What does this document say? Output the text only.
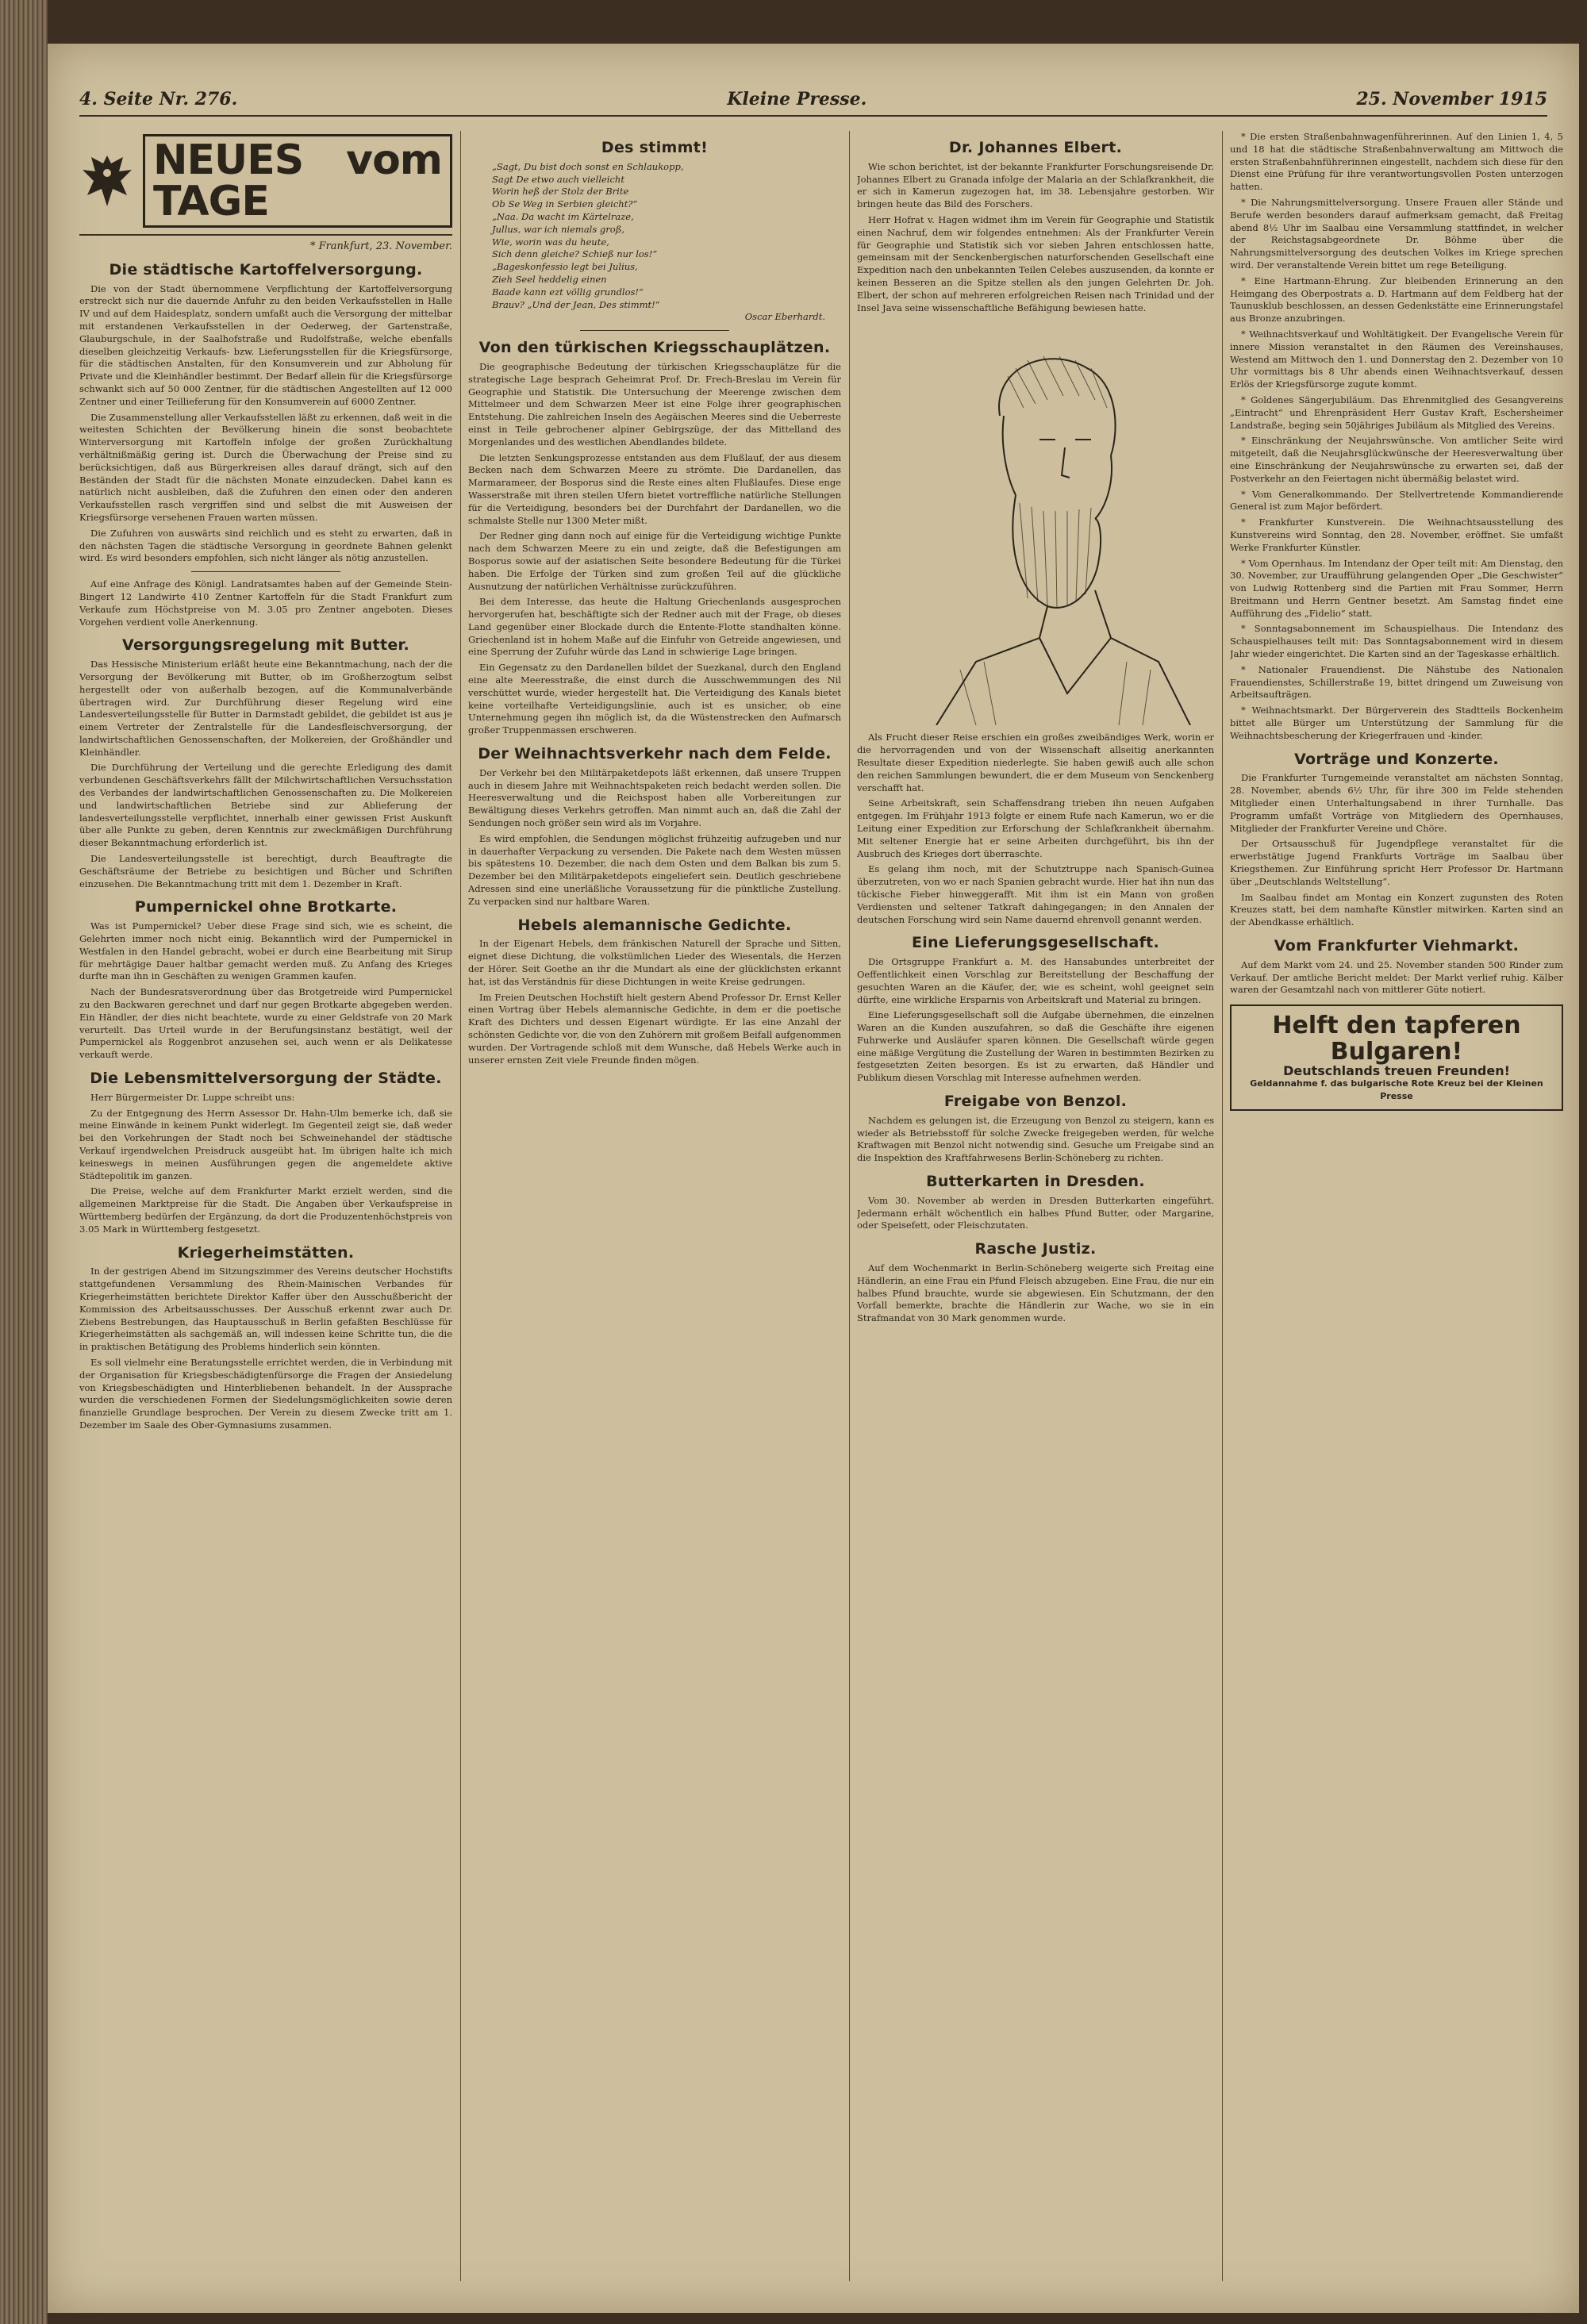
4. Seite Nr. 276.	Kleine Presse.	25. November 1915
NEUES vom TAGE
* Frankfurt, 23. November.
Die städtische Kartoffelversorgung.

Die von der Stadt übernommene Verpflichtung der Kartoffelversorgung erstreckt sich nur die dauernde Anfuhr zu den beiden Verkaufsstellen in Halle IV und auf dem Haidesplatz, sondern umfaßt auch die Versorgung der mittelbar mit erstandenen Verkaufsstellen in der Oederweg, der Gartenstraße, Glauburgschule, in der Saalhofstraße und Rudolfstraße, welche ebenfalls dieselben gleichzeitig Verkaufs- bzw. Lieferungsstellen für die Kriegsfürsorge, für die städtischen Anstalten, für den Konsumverein und zur Abholung für Private und die Kleinhändler bestimmt. Der Bedarf allein für die Kriegsfürsorge schwankt sich auf 50 000 Zentner, für die städtischen Angestellten auf 12 000 Zentner und einer Teillieferung für den Konsumverein auf 6000 Zentner.

Die Zusammenstellung aller Verkaufsstellen läßt zu erkennen, daß weit in die weitesten Schichten der Bevölkerung hinein die sonst beobachtete Winterversorgung mit Kartoffeln infolge der großen Zurückhaltung verhältnißmäßig gering ist. Durch die Überwachung der Preise sind zu berücksichtigen, daß aus Bürgerkreisen alles darauf drängt, sich auf den Beständen der Stadt für die nächsten Monate einzudecken. Dabei kann es natürlich nicht ausbleiben, daß die Zufuhren den einen oder den anderen Verkaufsstellen rasch vergriffen sind und selbst die mit Ausweisen der Kriegsfürsorge versehenen Frauen warten müssen.

Die Zufuhren von auswärts sind reichlich und es steht zu erwarten, daß in den nächsten Tagen die städtische Versorgung in geordnete Bahnen gelenkt wird. Es wird besonders empfohlen, sich nicht länger als nötig anzustellen.

Auf eine Anfrage des Königl. Landratsamtes haben auf der Gemeinde Stein-Bingert 12 Landwirte 410 Zentner Kartoffeln für die Stadt Frankfurt zum Verkaufe zum Höchstpreise von M. 3.05 pro Zentner angeboten. Dieses Vorgehen verdient volle Anerkennung.

Versorgungsregelung mit Butter.

Das Hessische Ministerium erläßt heute eine Bekanntmachung, nach der die Versorgung der Bevölkerung mit Butter, ob im Großherzogtum selbst hergestellt oder von außerhalb bezogen, auf die Kommunalverbände übertragen wird. Zur Durchführung dieser Regelung wird eine Landesverteilungsstelle für Butter in Darmstadt gebildet, die gebildet ist aus je einem Vertreter der Zentralstelle für die Landesfleischversorgung, der landwirtschaftlichen Genossenschaften, der Molkereien, der Großhändler und Kleinhändler.

Die Durchführung der Verteilung und die gerechte Erledigung des damit verbundenen Geschäftsverkehrs fällt der Milchwirtschaftlichen Versuchsstation des Verbandes der landwirtschaftlichen Genossenschaften zu. Die Molkereien und landwirtschaftlichen Betriebe sind zur Ablieferung der landesverteilungsstelle verpflichtet, innerhalb einer gewissen Frist Auskunft über alle Punkte zu geben, deren Kenntnis zur zweckmäßigen Durchführung dieser Bekanntmachung erforderlich ist.

Die Landesverteilungsstelle ist berechtigt, durch Beauftragte die Geschäftsräume der Betriebe zu besichtigen und Bücher und Schriften einzusehen. Die Bekanntmachung tritt mit dem 1. Dezember in Kraft.

Pumpernickel ohne Brotkarte.

Was ist Pumpernickel? Ueber diese Frage sind sich, wie es scheint, die Gelehrten immer noch nicht einig. Bekanntlich wird der Pumpernickel in Westfalen in den Handel gebracht, wobei er durch eine Bearbeitung mit Sirup für mehrtägige Dauer haltbar gemacht werden muß. Zu Anfang des Krieges durfte man ihn in Geschäften zu wenigen Grammen kaufen.

Nach der Bundesratsverordnung über das Brotgetreide wird Pumpernickel zu den Backwaren gerechnet und darf nur gegen Brotkarte abgegeben werden. Ein Händler, der dies nicht beachtete, wurde zu einer Geldstrafe von 20 Mark verurteilt. Das Urteil wurde in der Berufungsinstanz bestätigt, weil der Pumpernickel als Roggenbrot anzusehen sei, auch wenn er als Delikatesse verkauft werde.

Die Lebensmittelversorgung der Städte.

Herr Bürgermeister Dr. Luppe schreibt uns:

Zu der Entgegnung des Herrn Assessor Dr. Hahn-Ulm bemerke ich, daß sie meine Einwände in keinem Punkt widerlegt. Im Gegenteil zeigt sie, daß weder bei den Vorkehrungen der Stadt noch bei Schweinehandel der städtische Verkauf irgendwelchen Preisdruck ausgeübt hat. Im übrigen halte ich mich keineswegs in meinen Ausführungen gegen die angemeldete aktive Städtepolitik im ganzen.

Die Preise, welche auf dem Frankfurter Markt erzielt werden, sind die allgemeinen Marktpreise für die Stadt. Die Angaben über Verkaufspreise in Württemberg bedürfen der Ergänzung, da dort die Produzentenhöchstpreis von 3.05 Mark in Württemberg festgesetzt.

Kriegerheimstätten.

In der gestrigen Abend im Sitzungszimmer des Vereins deutscher Hochstifts stattgefundenen Versammlung des Rhein-Mainischen Verbandes für Kriegerheimstätten berichtete Direktor Kaffer über den Ausschußbericht der Kommission des Arbeitsausschusses. Der Ausschuß erkennt zwar auch Dr. Ziebens Bestrebungen, das Hauptausschuß in Berlin gefaßten Beschlüsse für Kriegerheimstätten als sachgemäß an, will indessen keine Schritte tun, die die in praktischen Betätigung des Problems hinderlich sein könnten.

Es soll vielmehr eine Beratungsstelle errichtet werden, die in Verbindung mit der Organisation für Kriegsbeschädigtenfürsorge die Fragen der Ansiedelung von Kriegsbeschädigten und Hinterbliebenen behandelt. In der Aussprache wurden die verschiedenen Formen der Siedelungsmöglichkeiten sowie deren finanzielle Grundlage besprochen. Der Verein zu diesem Zwecke tritt am 1. Dezember im Saale des Ober-Gymnasiums zusammen.

Des stimmt!

„Sagt, Du bist doch sonst en Schlaukopp,

Sagt De etwo auch vielleicht

Worin heß der Stolz der Brite

Ob Se Weg in Serbien gleicht?“

„Naa. Da wacht im Kärtelraze,

Jullus, war ich niemals groß,

Wie, worin was du heute,

Sich denn gleiche? Schieß nur los!“

„Bageskonfessio legt bei Julius,

Zieh Seel heddelig einen

Baade kann ezt völlig grundlos!“

Brauv? „Und der Jean, Des stimmt!“

Oscar Eberhardt.
Von den türkischen Kriegsschauplätzen.

Die geographische Bedeutung der türkischen Kriegsschauplätze für die strategische Lage besprach Geheimrat Prof. Dr. Frech-Breslau im Verein für Geographie und Statistik. Die Untersuchung der Meerenge zwischen dem Mittelmeer und dem Schwarzen Meer ist eine Folge ihrer geographischen Entstehung. Die zahlreichen Inseln des Aegäischen Meeres sind die Ueberreste einst in Teile gebrochener alpiner Gebirgszüge, der das Mittelland des Morgenlandes und des westlichen Abendlandes bildete.

Die letzten Senkungsprozesse entstanden aus dem Flußlauf, der aus diesem Becken nach dem Schwarzen Meere zu strömte. Die Dardanellen, das Marmarameer, der Bosporus sind die Reste eines alten Flußlaufes. Diese enge Wasserstraße mit ihren steilen Ufern bietet vortreffliche natürliche Stellungen für die Verteidigung, besonders bei der Durchfahrt der Dardanellen, wo die schmalste Stelle nur 1300 Meter mißt.

Der Redner ging dann noch auf einige für die Verteidigung wichtige Punkte nach dem Schwarzen Meere zu ein und zeigte, daß die Befestigungen am Bosporus sowie auf der asiatischen Seite besondere Bedeutung für die Türkei haben. Die Erfolge der Türken sind zum großen Teil auf die glückliche Ausnutzung der natürlichen Verhältnisse zurückzuführen.

Bei dem Interesse, das heute die Haltung Griechenlands ausgesprochen hervorgerufen hat, beschäftigte sich der Redner auch mit der Frage, ob dieses Land gegenüber einer Blockade durch die Entente-Flotte standhalten könne. Griechenland ist in hohem Maße auf die Einfuhr von Getreide angewiesen, und eine Sperrung der Zufuhr würde das Land in schwierige Lage bringen.

Ein Gegensatz zu den Dardanellen bildet der Suezkanal, durch den England eine alte Meeresstraße, die einst durch die Ausschwemmungen des Nil verschüttet wurde, wieder hergestellt hat. Die Verteidigung des Kanals bietet keine vorteilhafte Verteidigungslinie, auch ist es unsicher, ob eine Unternehmung gegen ihn möglich ist, da die Wüstenstrecken den Aufmarsch großer Truppenmassen erschweren.

Der Weihnachtsverkehr nach dem Felde.

Der Verkehr bei den Militärpaketdepots läßt erkennen, daß unsere Truppen auch in diesem Jahre mit Weihnachtspaketen reich bedacht werden sollen. Die Heeresverwaltung und die Reichspost haben alle Vorbereitungen zur Bewältigung dieses Verkehrs getroffen. Man nimmt auch an, daß die Zahl der Sendungen noch größer sein wird als im Vorjahre.

Es wird empfohlen, die Sendungen möglichst frühzeitig aufzugeben und nur in dauerhafter Verpackung zu versenden. Die Pakete nach dem Westen müssen bis spätestens 10. Dezember, die nach dem Osten und dem Balkan bis zum 5. Dezember bei den Militärpaketdepots eingeliefert sein. Deutlich geschriebene Adressen sind eine unerläßliche Voraussetzung für die pünktliche Zustellung. Zu verpacken sind nur haltbare Waren.

Hebels alemannische Gedichte.

In der Eigenart Hebels, dem fränkischen Naturell der Sprache und Sitten, eignet diese Dichtung, die volkstümlichen Lieder des Wiesentals, die Herzen der Hörer. Seit Goethe an ihr die Mundart als eine der glücklichsten erkannt hat, ist das Verständnis für diese Dichtungen in weite Kreise gedrungen.

Im Freien Deutschen Hochstift hielt gestern Abend Professor Dr. Ernst Keller einen Vortrag über Hebels alemannische Gedichte, in dem er die poetische Kraft des Dichters und dessen Eigenart würdigte. Er las eine Anzahl der schönsten Gedichte vor, die von den Zuhörern mit großem Beifall aufgenommen wurden. Der Vortragende schloß mit dem Wunsche, daß Hebels Werke auch in unserer ernsten Zeit viele Freunde finden mögen.

Dr. Johannes Elbert.

Wie schon berichtet, ist der bekannte Frankfurter Forschungsreisende Dr. Johannes Elbert zu Granada infolge der Malaria an der Schlafkrankheit, die er sich in Kamerun zugezogen hat, im 38. Lebensjahre gestorben. Wir bringen heute das Bild des Forschers.

Herr Hofrat v. Hagen widmet ihm im Verein für Geographie und Statistik einen Nachruf, dem wir folgendes entnehmen: Als der Frankfurter Verein für Geographie und Statistik sich vor sieben Jahren entschlossen hatte, gemeinsam mit der Senckenbergischen naturforschenden Gesellschaft eine Expedition nach den unbekannten Teilen Celebes auszusenden, da konnte er keinen Besseren an die Spitze stellen als den jungen Gelehrten Dr. Joh. Elbert, der schon auf mehreren erfolgreichen Reisen nach Trinidad und der Insel Java seine wissenschaftliche Befähigung bewiesen hatte.

Als Frucht dieser Reise erschien ein großes zweibändiges Werk, worin er die hervorragenden und von der Wissenschaft allseitig anerkannten Resultate dieser Expedition niederlegte. Sie haben gewiß auch alle schon den reichen Sammlungen bewundert, die er dem Museum von Senckenberg verschafft hat.

Seine Arbeitskraft, sein Schaffensdrang trieben ihn neuen Aufgaben entgegen. Im Frühjahr 1913 folgte er einem Rufe nach Kamerun, wo er die Leitung einer Expedition zur Erforschung der Schlafkrankheit übernahm. Mit seltener Energie hat er seine Arbeiten durchgeführt, bis ihn der Ausbruch des Krieges dort überraschte.

Es gelang ihm noch, mit der Schutztruppe nach Spanisch-Guinea überzutreten, von wo er nach Spanien gebracht wurde. Hier hat ihn nun das tückische Fieber hinweggerafft. Mit ihm ist ein Mann von großen Verdiensten und seltener Tatkraft dahingegangen; in den Annalen der deutschen Forschung wird sein Name dauernd ehrenvoll genannt werden.

Eine Lieferungsgesellschaft.

Die Ortsgruppe Frankfurt a. M. des Hansabundes unterbreitet der Oeffentlichkeit einen Vorschlag zur Bereitstellung der Beschaffung der gesuchten Waren an die Käufer, der, wie es scheint, wohl geeignet sein dürfte, eine wirkliche Ersparnis von Arbeitskraft und Material zu bringen.

Eine Lieferungsgesellschaft soll die Aufgabe übernehmen, die einzelnen Waren an die Kunden auszufahren, so daß die Geschäfte ihre eigenen Fuhrwerke und Ausläufer sparen können. Die Gesellschaft würde gegen eine mäßige Vergütung die Zustellung der Waren in bestimmten Bezirken zu festgesetzten Zeiten besorgen. Es ist zu erwarten, daß Händler und Publikum diesen Vorschlag mit Interesse aufnehmen werden.

Freigabe von Benzol.

Nachdem es gelungen ist, die Erzeugung von Benzol zu steigern, kann es wieder als Betriebsstoff für solche Zwecke freigegeben werden, für welche Kraftwagen mit Benzol nicht notwendig sind. Gesuche um Freigabe sind an die Inspektion des Kraftfahrwesens Berlin-Schöneberg zu richten.

Butterkarten in Dresden.

Vom 30. November ab werden in Dresden Butterkarten eingeführt. Jedermann erhält wöchentlich ein halbes Pfund Butter, oder Margarine, oder Speisefett, oder Fleischzutaten.

Rasche Justiz.

Auf dem Wochenmarkt in Berlin-Schöneberg weigerte sich Freitag eine Händlerin, an eine Frau ein Pfund Fleisch abzugeben. Eine Frau, die nur ein halbes Pfund brauchte, wurde sie abgewiesen. Ein Schutzmann, der den Vorfall bemerkte, brachte die Händlerin zur Wache, wo sie in ein Strafmandat von 30 Mark genommen wurde.

* Die ersten Straßenbahnwagenführerinnen. Auf den Linien 1, 4, 5 und 18 hat die städtische Straßenbahnverwaltung am Mittwoch die ersten Straßenbahnführerinnen eingestellt, nachdem sich diese für den Dienst eine Prüfung für ihre verantwortungsvollen Posten unterzogen hatten.

* Die Nahrungsmittelversorgung. Unsere Frauen aller Stände und Berufe werden besonders darauf aufmerksam gemacht, daß Freitag abend 8½ Uhr im Saalbau eine Versammlung stattfindet, in welcher der Reichstagsabgeordnete Dr. Böhme über die Nahrungsmittelversorgung des deutschen Volkes im Kriege sprechen wird. Der veranstaltende Verein bittet um rege Beteiligung.

* Eine Hartmann-Ehrung. Zur bleibenden Erinnerung an den Heimgang des Oberpostrats a. D. Hartmann auf dem Feldberg hat der Taunusklub beschlossen, an dessen Gedenkstätte eine Erinnerungstafel aus Bronze anzubringen.

* Weihnachtsverkauf und Wohltätigkeit. Der Evangelische Verein für innere Mission veranstaltet in den Räumen des Vereinshauses, Westend am Mittwoch den 1. und Donnerstag den 2. Dezember von 10 Uhr vormittags bis 8 Uhr abends einen Weihnachtsverkauf, dessen Erlös der Kriegsfürsorge zugute kommt.

* Goldenes Sängerjubiläum. Das Ehrenmitglied des Gesangvereins „Eintracht“ und Ehrenpräsident Herr Gustav Kraft, Eschersheimer Landstraße, beging sein 50jähriges Jubiläum als Mitglied des Vereins.

* Einschränkung der Neujahrswünsche. Von amtlicher Seite wird mitgeteilt, daß die Neujahrsglückwünsche der Heeresverwaltung über eine Einschränkung der Neujahrswünsche zu erwarten sei, daß der Postverkehr an den Feiertagen nicht übermäßig belastet wird.

* Vom Generalkommando. Der Stellvertretende Kommandierende General ist zum Major befördert.

* Frankfurter Kunstverein. Die Weihnachtsausstellung des Kunstvereins wird Sonntag, den 28. November, eröffnet. Sie umfaßt Werke Frankfurter Künstler.

* Vom Opernhaus. Im Intendanz der Oper teilt mit: Am Dienstag, den 30. November, zur Uraufführung gelangenden Oper „Die Geschwister“ von Ludwig Rottenberg sind die Partien mit Frau Sommer, Herrn Breitmann und Herrn Gentner besetzt. Am Samstag findet eine Aufführung des „Fidelio“ statt.

* Sonntagsabonnement im Schauspielhaus. Die Intendanz des Schauspielhauses teilt mit: Das Sonntagsabonnement wird in diesem Jahr wieder eingerichtet. Die Karten sind an der Tageskasse erhältlich.

* Nationaler Frauendienst. Die Nähstube des Nationalen Frauendienstes, Schillerstraße 19, bittet dringend um Zuweisung von Arbeitsaufträgen.

* Weihnachtsmarkt. Der Bürgerverein des Stadtteils Bockenheim bittet alle Bürger um Unterstützung der Sammlung für die Weihnachtsbescherung der Kriegerfrauen und -kinder.

Vorträge und Konzerte.

Die Frankfurter Turngemeinde veranstaltet am nächsten Sonntag, 28. November, abends 6½ Uhr, für ihre 300 im Felde stehenden Mitglieder einen Unterhaltungsabend in ihrer Turnhalle. Das Programm umfaßt Vorträge von Mitgliedern des Opernhauses, Mitglieder der Frankfurter Vereine und Chöre.

Der Ortsausschuß für Jugendpflege veranstaltet für die erwerbstätige Jugend Frankfurts Vorträge im Saalbau über Kriegsthemen. Zur Einführung spricht Herr Professor Dr. Hartmann über „Deutschlands Weltstellung“.

Im Saalbau findet am Montag ein Konzert zugunsten des Roten Kreuzes statt, bei dem namhafte Künstler mitwirken. Karten sind an der Abendkasse erhältlich.

Vom Frankfurter Viehmarkt.

Auf dem Markt vom 24. und 25. November standen 500 Rinder zum Verkauf. Der amtliche Bericht meldet: Der Markt verlief ruhig. Kälber waren der Gesamtzahl nach von mittlerer Güte notiert.

Helft den tapferen Bulgaren!
Deutschlands treuen Freunden!
Geldannahme f. das bulgarische Rote Kreuz bei der Kleinen Presse
